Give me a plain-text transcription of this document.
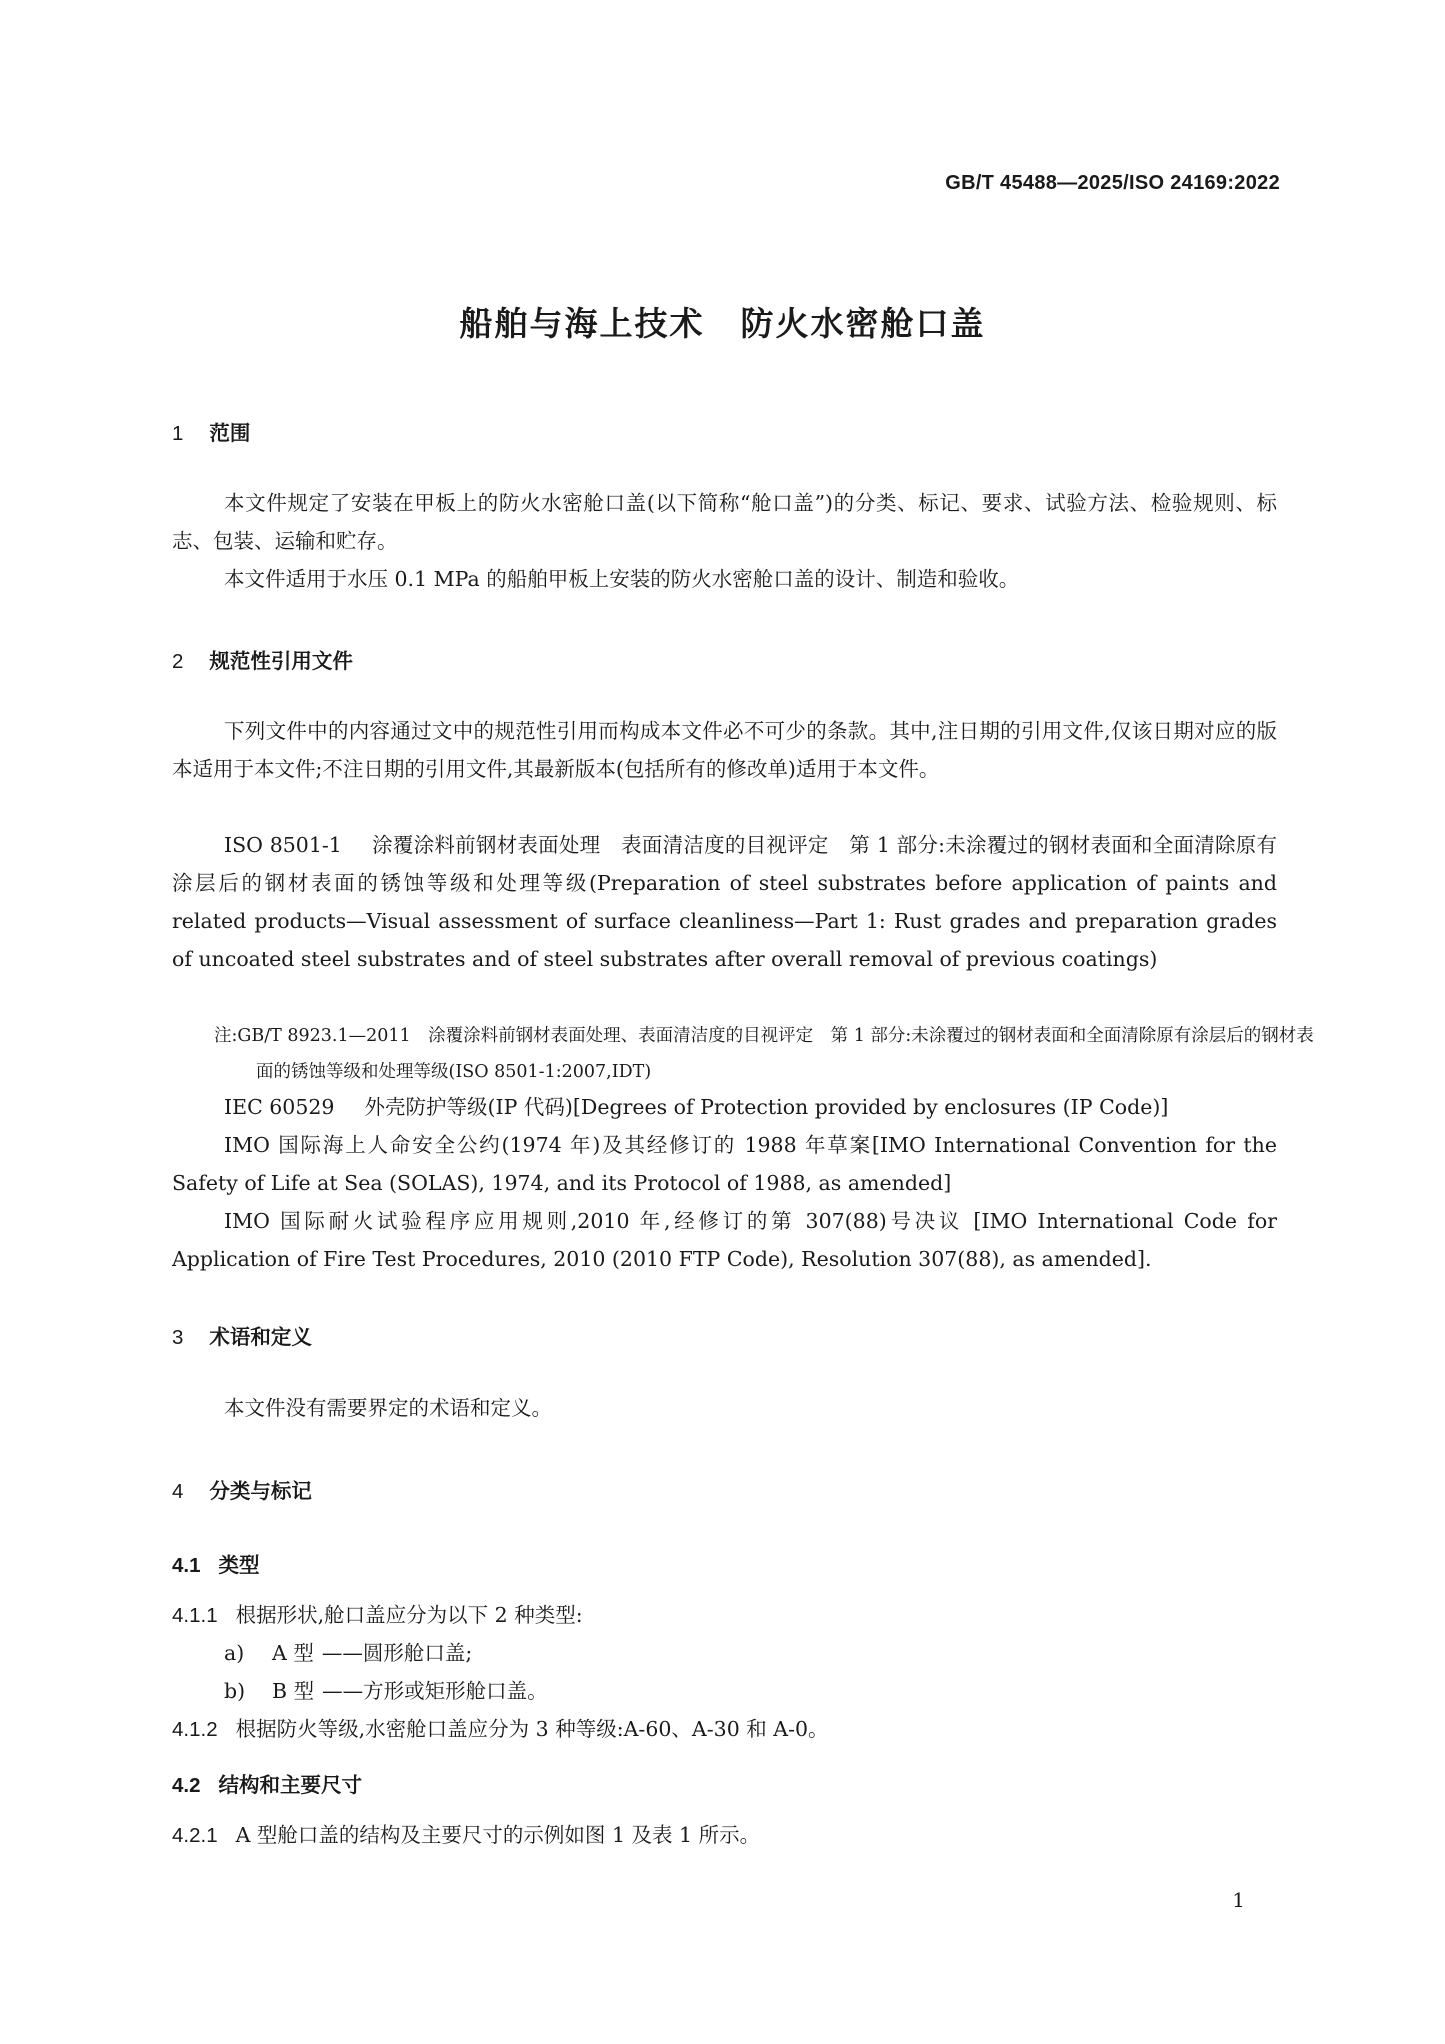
GB/T 45488—2025/ISO 24169:2022
船舶与海上技术 防火水密舱口盖
1 范围
本文件规定了安装在甲板上的防火水密舱口盖(以下简称“舱口盖”)的分类、标记、要求、试验方法、检验规则、标志、包装、运输和贮存。
本文件适用于水压 0.1 MPa 的船舶甲板上安装的防火水密舱口盖的设计、制造和验收。
2 规范性引用文件
下列文件中的内容通过文中的规范性引用而构成本文件必不可少的条款。其中,注日期的引用文件,仅该日期对应的版本适用于本文件;不注日期的引用文件,其最新版本(包括所有的修改单)适用于本文件。
ISO 8501-1 涂覆涂料前钢材表面处理　表面清洁度的目视评定　第 1 部分:未涂覆过的钢材表面和全面清除原有涂层后的钢材表面的锈蚀等级和处理等级(Preparation of steel substrates before application of paints and related products—Visual assessment of surface cleanliness—Part 1: Rust grades and preparation grades of uncoated steel substrates and of steel substrates after overall removal of previous coatings)
注:GB/T 8923.1—2011　涂覆涂料前钢材表面处理、表面清洁度的目视评定　第 1 部分:未涂覆过的钢材表面和全面清除原有涂层后的钢材表面的锈蚀等级和处理等级(ISO 8501-1:2007,IDT)
IEC 60529 外壳防护等级(IP 代码)[Degrees of Protection provided by enclosures (IP Code)]
IMO 国际海上人命安全公约(1974 年)及其经修订的 1988 年草案[IMO International Convention for the Safety of Life at Sea (SOLAS), 1974, and its Protocol of 1988, as amended]
IMO 国际耐火试验程序应用规则,2010 年,经修订的第 307(88)号决议 [IMO International Code for Application of Fire Test Procedures, 2010 (2010 FTP Code), Resolution 307(88), as amended].
3 术语和定义
本文件没有需要界定的术语和定义。
4 分类与标记
4.1 类型
4.1.1 根据形状,舱口盖应分为以下 2 种类型:
a) A 型 ——圆形舱口盖;
b) B 型 ——方形或矩形舱口盖。
4.1.2 根据防火等级,水密舱口盖应分为 3 种等级:A-60、A-30 和 A-0。
4.2 结构和主要尺寸
4.2.1 A 型舱口盖的结构及主要尺寸的示例如图 1 及表 1 所示。
1
